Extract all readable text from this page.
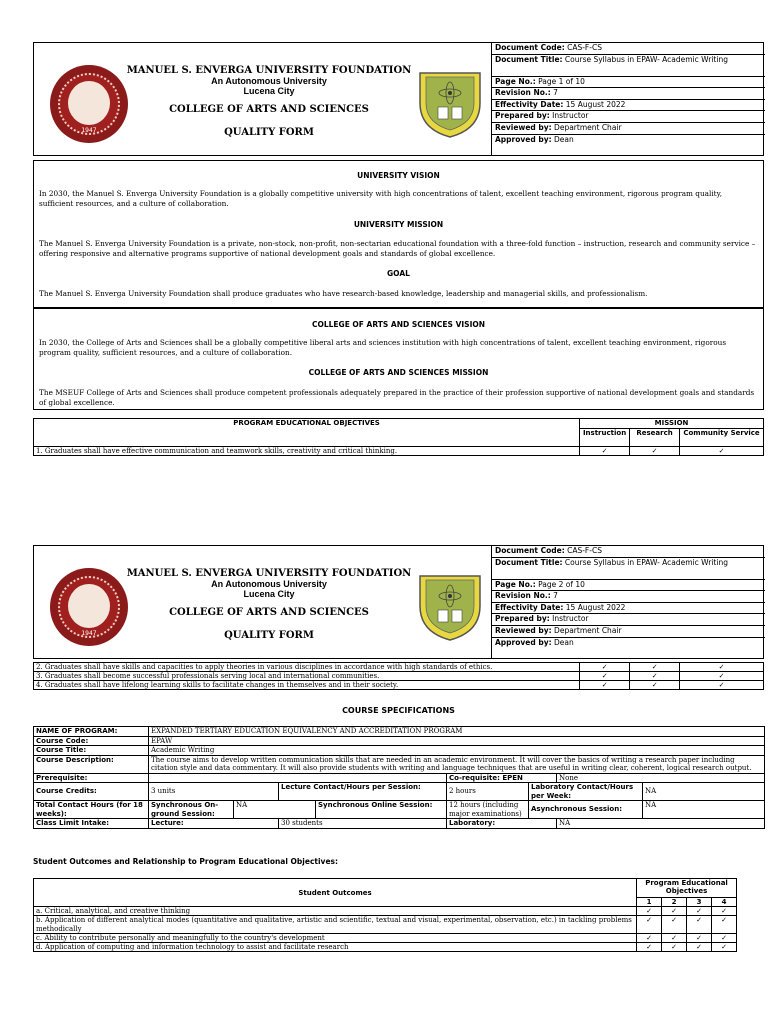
1947
MANUEL S. ENVERGA UNIVERSITY FOUNDATION
An Autonomous University
Lucena City
COLLEGE OF ARTS AND SCIENCES
QUALITY FORM
Document Code: CAS-F-CS
Document Title: Course Syllabus in EPAW- Academic Writing
Page No.: Page 1 of 10
Revision No.: 7
Effectivity Date: 15 August 2022
Prepared by: Instructor
Reviewed by: Department Chair
Approved by: Dean
UNIVERSITY VISION
In 2030, the Manuel S. Enverga University Foundation is a globally competitive university with high concentrations of talent, excellent teaching environment, rigorous program quality, sufficient resources, and a culture of collaboration.
UNIVERSITY MISSION
The Manuel S. Enverga University Foundation is a private, non-stock, non-profit, non-sectarian educational foundation with a three-fold function – instruction, research and community service – offering responsive and alternative programs supportive of national development goals and standards of global excellence.
GOAL
The Manuel S. Enverga University Foundation shall produce graduates who have research-based knowledge, leadership and managerial skills, and professionalism.
COLLEGE OF ARTS AND SCIENCES VISION
In 2030, the College of Arts and Sciences shall be a globally competitive liberal arts and sciences institution with high concentrations of talent, excellent teaching environment, rigorous program quality, sufficient resources, and a culture of collaboration.
COLLEGE OF ARTS AND SCIENCES MISSION
The MSEUF College of Arts and Sciences shall produce competent professionals adequately prepared in the practice of their profession supportive of national development goals and standards of global excellence.
PROGRAM EDUCATIONAL OBJECTIVES	MISSION		
	Instruction	Research	Community Service
1. Graduates shall have effective communication and teamwork skills, creativity and critical thinking.	✓	✓	✓
1947
MANUEL S. ENVERGA UNIVERSITY FOUNDATION
An Autonomous University
Lucena City
COLLEGE OF ARTS AND SCIENCES
QUALITY FORM
Document Code: CAS-F-CS
Document Title: Course Syllabus in EPAW- Academic Writing
Page No.: Page 2 of 10
Revision No.: 7
Effectivity Date: 15 August 2022
Prepared by: Instructor
Reviewed by: Department Chair
Approved by: Dean
2. Graduates shall have skills and capacities to apply theories in various disciplines in accordance with high standards of ethics.	✓	✓	✓
3. Graduates shall become successful professionals serving local and international communities.	✓	✓	✓
4. Graduates shall have lifelong learning skills to facilitate changes in themselves and in their society.	✓	✓	✓
COURSE SPECIFICATIONS
NAME OF PROGRAM:	EXPANDED TERTIARY EDUCATION EQUIVALENCY AND ACCREDITATION PROGRAM							
Course Code:	EPAW							
Course Title:	Academic Writing							
Course Description:	The course aims to develop written communication skills that are needed in an academic environment. It will cover the basics of writing a research paper including citation style and data commentary. It will also provide students with writing and language techniques that are useful in writing clear, coherent, logical research output.							
Prerequisite:					Co-requisite: EPEN		None	
Course Credits:	3 units		Lecture Contact/Hours per Session:		2 hours	Laboratory Contact/Hours per Week:		NA
Total Contact Hours (for 18 weeks):	Synchronous On-ground Session:	NA		Synchronous Online Session:	12 hours (including major examinations)	Asynchronous Session:		NA
Class Limit Intake:	Lecture:		30 students		Laboratory:		NA	
Student Outcomes and Relationship to Program Educational Objectives:
Student Outcomes	Program Educational Objectives			
	1	2	3	4
a. Critical, analytical, and creative thinking	✓	✓	✓	✓
b. Application of different analytical modes (quantitative and qualitative, artistic and scientific, textual and visual, experimental, observation, etc.) in tackling problems methodically	✓	✓	✓	✓
c. Ability to contribute personally and meaningfully to the country's development	✓	✓	✓	✓
d. Application of computing and information technology to assist and facilitate research	✓	✓	✓	✓
